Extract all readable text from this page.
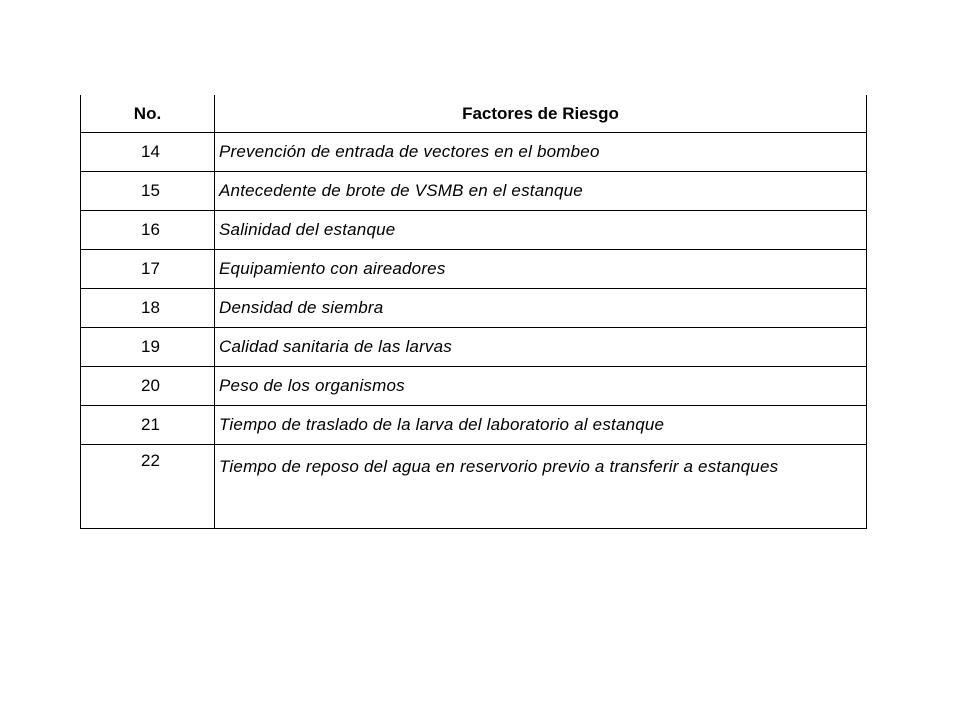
No.	Factores de Riesgo
14	Prevención de entrada de vectores en el bombeo
15	Antecedente de brote de VSMB en el estanque
16	Salinidad del estanque
17	Equipamiento con aireadores
18	Densidad de siembra
19	Calidad sanitaria de las larvas
20	Peso de los organismos
21	Tiempo de traslado de la larva del laboratorio al estanque
22	Tiempo de reposo del agua en reservorio previo a transferir a estanques
